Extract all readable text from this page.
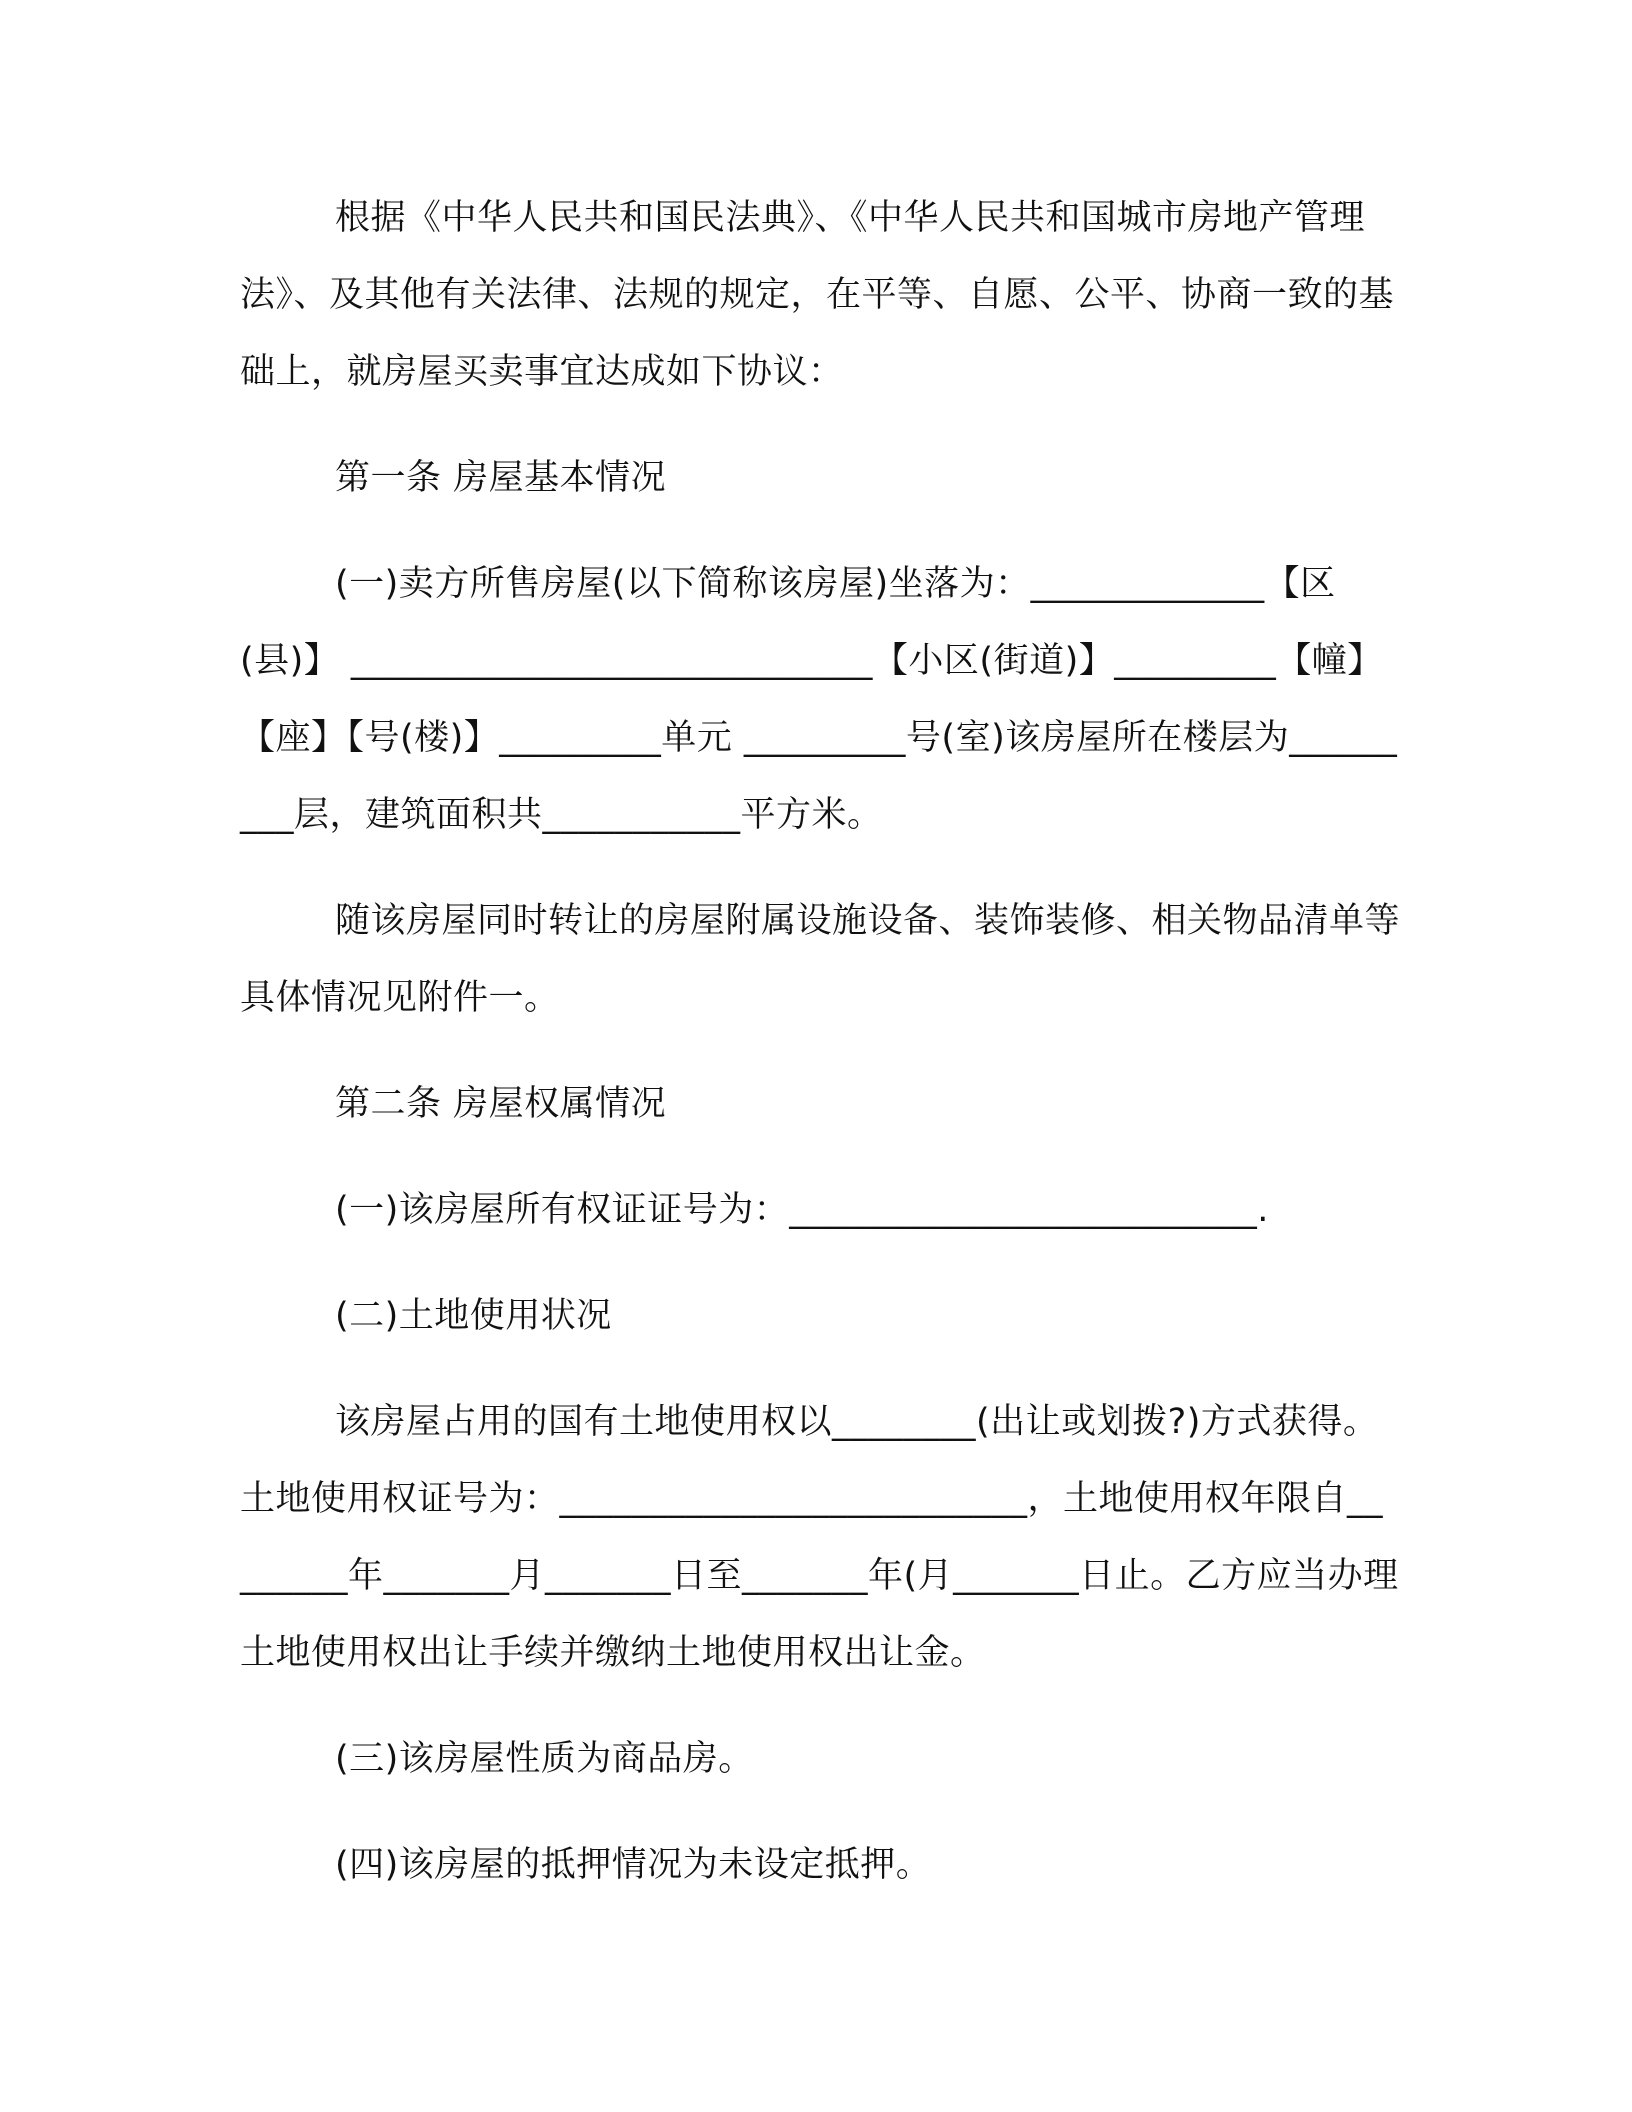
根据《中华人民共和国民法典》、《中华人民共和国城市房地产管理法》、及其他有关法律、法规的规定，在平等、自愿、公平、协商一致的基础上，就房屋买卖事宜达成如下协议：

第一条 房屋基本情况

(一)卖方所售房屋(以下简称该房屋)坐落为：_____________【区(县)】 _____________________________【小区(街道)】_________【幢】【座】【号(楼)】_________单元 _________号(室)该房屋所在楼层为_________层，建筑面积共___________平方米。

随该房屋同时转让的房屋附属设施设备、装饰装修、相关物品清单等具体情况见附件一。

第二条 房屋权属情况

(一)该房屋所有权证证号为：__________________________.

(二)土地使用状况

该房屋占用的国有土地使用权以________(出让或划拨?)方式获得。土地使用权证号为：__________________________，土地使用权年限自________年_______月_______日至_______年(月_______日止。乙方应当办理土地使用权出让手续并缴纳土地使用权出让金。

(三)该房屋性质为商品房。

(四)该房屋的抵押情况为未设定抵押。
